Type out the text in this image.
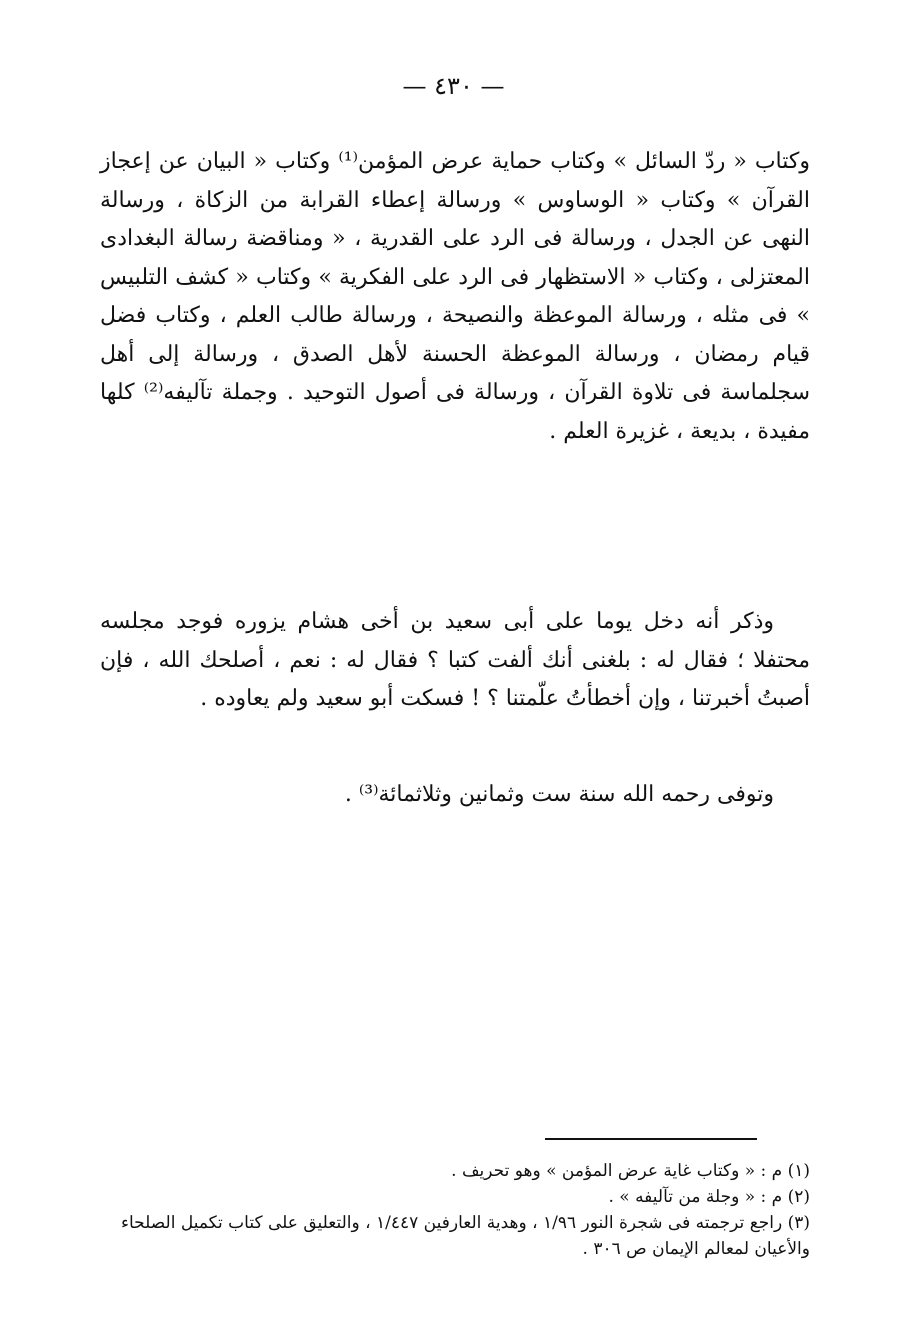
— ٤٣٠ —

وكتاب « ردّ السائل » وكتاب حماية عرض المؤمن⁽¹⁾ وكتاب « البيان عن إعجاز القرآن » وكتاب « الوساوس » ورسالة إعطاء القرابة من الزكاة ، ورسالة النهى عن الجدل ، ورسالة فى الرد على القدرية ، « ومناقضة رسالة البغدادى المعتزلى ، وكتاب « الاستظهار فى الرد على الفكرية » وكتاب « كشف التلبيس » فى مثله ، ورسالة الموعظة والنصيحة ، ورسالة طالب العلم ، وكتاب فضل قيام رمضان ، ورسالة الموعظة الحسنة لأهل الصدق ، ورسالة إلى أهل سجلماسة فى تلاوة القرآن ، ورسالة فى أصول التوحيد . وجملة تآليفه⁽²⁾ كلها مفيدة ، بديعة ، غزيرة العلم .

وذكر أنه دخل يوما على أبى سعيد بن أخى هشام يزوره فوجد مجلسه محتفلا ؛ فقال له : بلغنى أنك ألفت كتبا ؟ فقال له : نعم ، أصلحك الله ، فإن أصبتُ أخبرتنا ، وإن أخطأتُ علّمتنا ؟ ! فسكت أبو سعيد ولم يعاوده .

وتوفى رحمه الله سنة ست وثمانين وثلاثمائة⁽³⁾ .

(١) م : « وكتاب غاية عرض المؤمن » وهو تحريف .

(٢) م : « وجلة من تآليفه » .

(٣) راجع ترجمته فى شجرة النور ١/٩٦ ، وهدية العارفين ١/٤٤٧ ، والتعليق على كتاب تكميل الصلحاء والأعيان لمعالم الإيمان ص ٣٠٦ .
